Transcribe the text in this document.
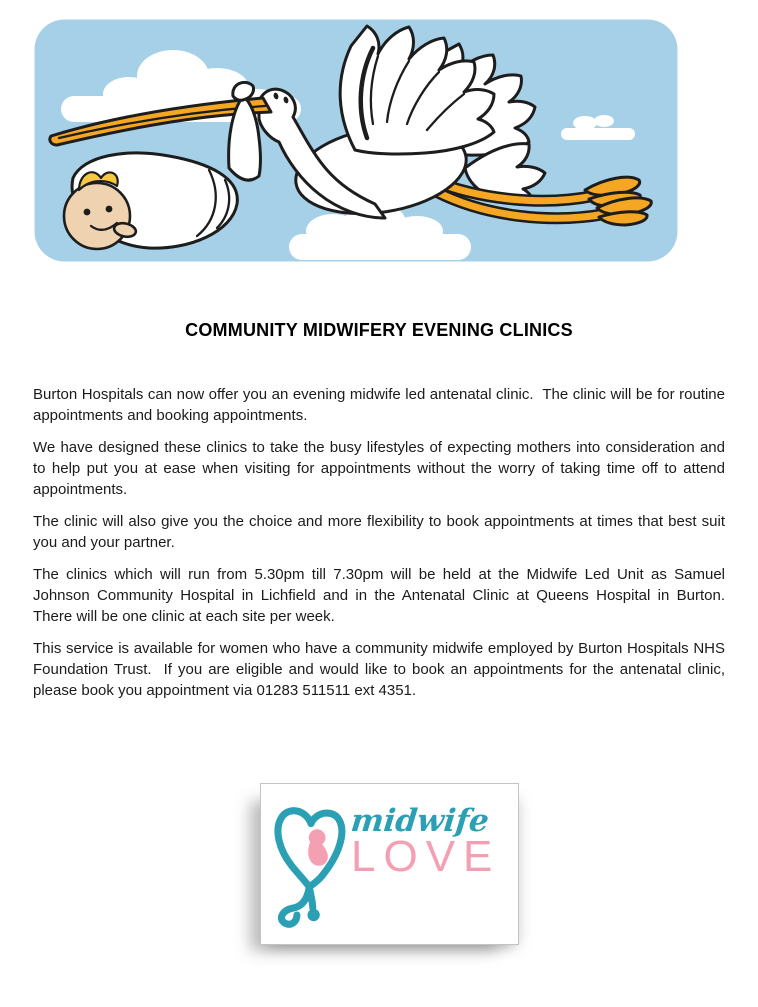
COMMUNITY MIDWIFERY EVENING CLINICS

Burton Hospitals can now offer you an evening midwife led antenatal clinic.  The clinic will be for routine appointments and booking appointments.

We have designed these clinics to take the busy lifestyles of expecting mothers into consideration and to help put you at ease when visiting for appointments without the worry of taking time off to attend appointments.

The clinic will also give you the choice and more flexibility to book appointments at times that best suit you and your partner.

The clinics which will run from 5.30pm till 7.30pm will be held at the Midwife Led Unit as Samuel Johnson Community Hospital in Lichfield and in the Antenatal Clinic at Queens Hospital in Burton.  There will be one clinic at each site per week.

This service is available for women who have a community midwife employed by Burton Hospitals NHS Foundation Trust.  If you are eligible and would like to book an appointments for the antenatal clinic, please book you appointment via 01283 511511 ext 4351.

midwife
LOVE
